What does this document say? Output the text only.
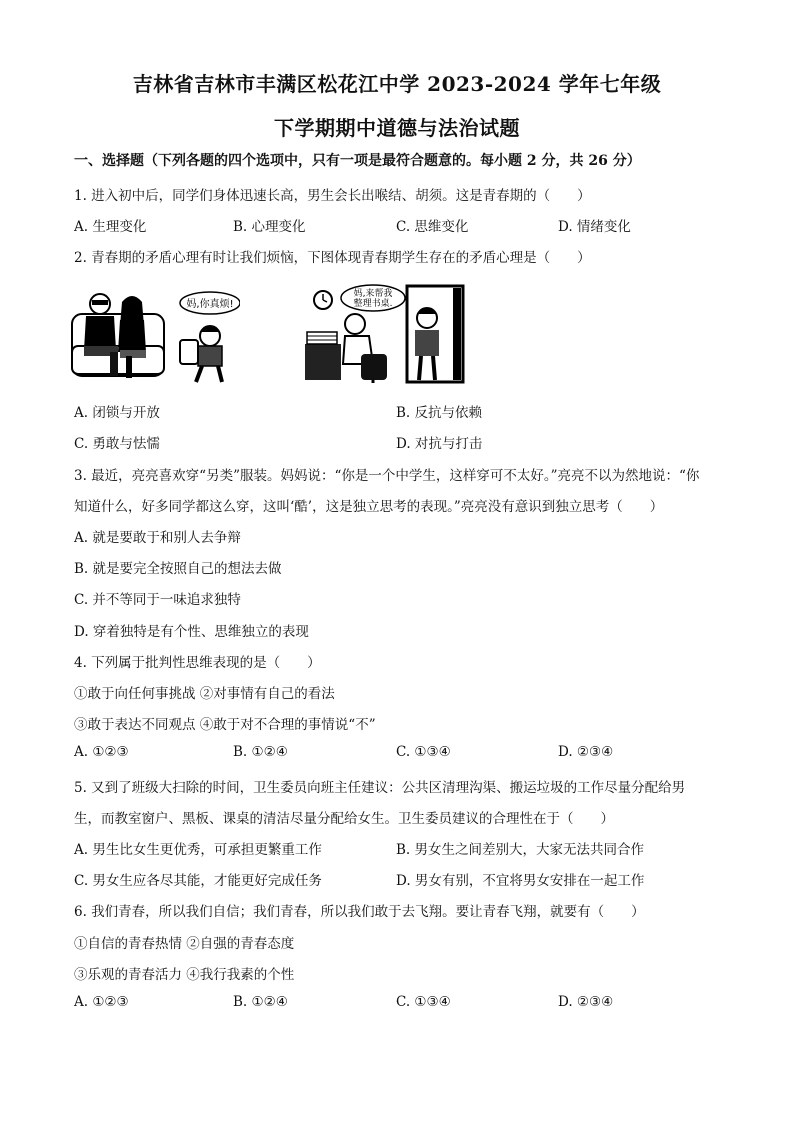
吉林省吉林市丰满区松花江中学 2023-2024 学年七年级
下学期期中道德与法治试题
一、选择题（下列各题的四个选项中，只有一项是最符合题意的。每小题 2 分，共 26 分）
1. 进入初中后，同学们身体迅速长高，男生会长出喉结、胡须。这是青春期的（　　）
A. 生理变化	B. 心理变化	C. 思维变化	D. 情绪变化
2. 青春期的矛盾心理有时让我们烦恼，下图体现青春期学生存在的矛盾心理是（　　）
妈,你真烦!
妈,来帮我
整理书桌.
A. 闭锁与开放	B. 反抗与依赖
C. 勇敢与怯懦	D. 对抗与打击
3. 最近，亮亮喜欢穿“另类”服装。妈妈说：“你是一个中学生，这样穿可不太好。”亮亮不以为然地说：“你
知道什么，好多同学都这么穿，这叫‘酷’，这是独立思考的表现。”亮亮没有意识到独立思考（　　）
A. 就是要敢于和别人去争辩
B. 就是要完全按照自己的想法去做
C. 并不等同于一味追求独特
D. 穿着独特是有个性、思维独立的表现
4. 下列属于批判性思维表现的是（　　）
①敢于向任何事挑战 ②对事情有自己的看法
③敢于表达不同观点 ④敢于对不合理的事情说“不”
A. ①②③	B. ①②④	C. ①③④	D. ②③④
5. 又到了班级大扫除的时间，卫生委员向班主任建议：公共区清理沟渠、搬运垃圾的工作尽量分配给男
生，而教室窗户、黑板、课桌的清洁尽量分配给女生。卫生委员建议的合理性在于（　　）
A. 男生比女生更优秀，可承担更繁重工作	B. 男女生之间差别大，大家无法共同合作
C. 男女生应各尽其能，才能更好完成任务	D. 男女有别，不宜将男女安排在一起工作
6. 我们青春，所以我们自信；我们青春，所以我们敢于去飞翔。要让青春飞翔，就要有（　　）
①自信的青春热情 ②自强的青春态度
③乐观的青春活力 ④我行我素的个性
A. ①②③	B. ①②④	C. ①③④	D. ②③④
